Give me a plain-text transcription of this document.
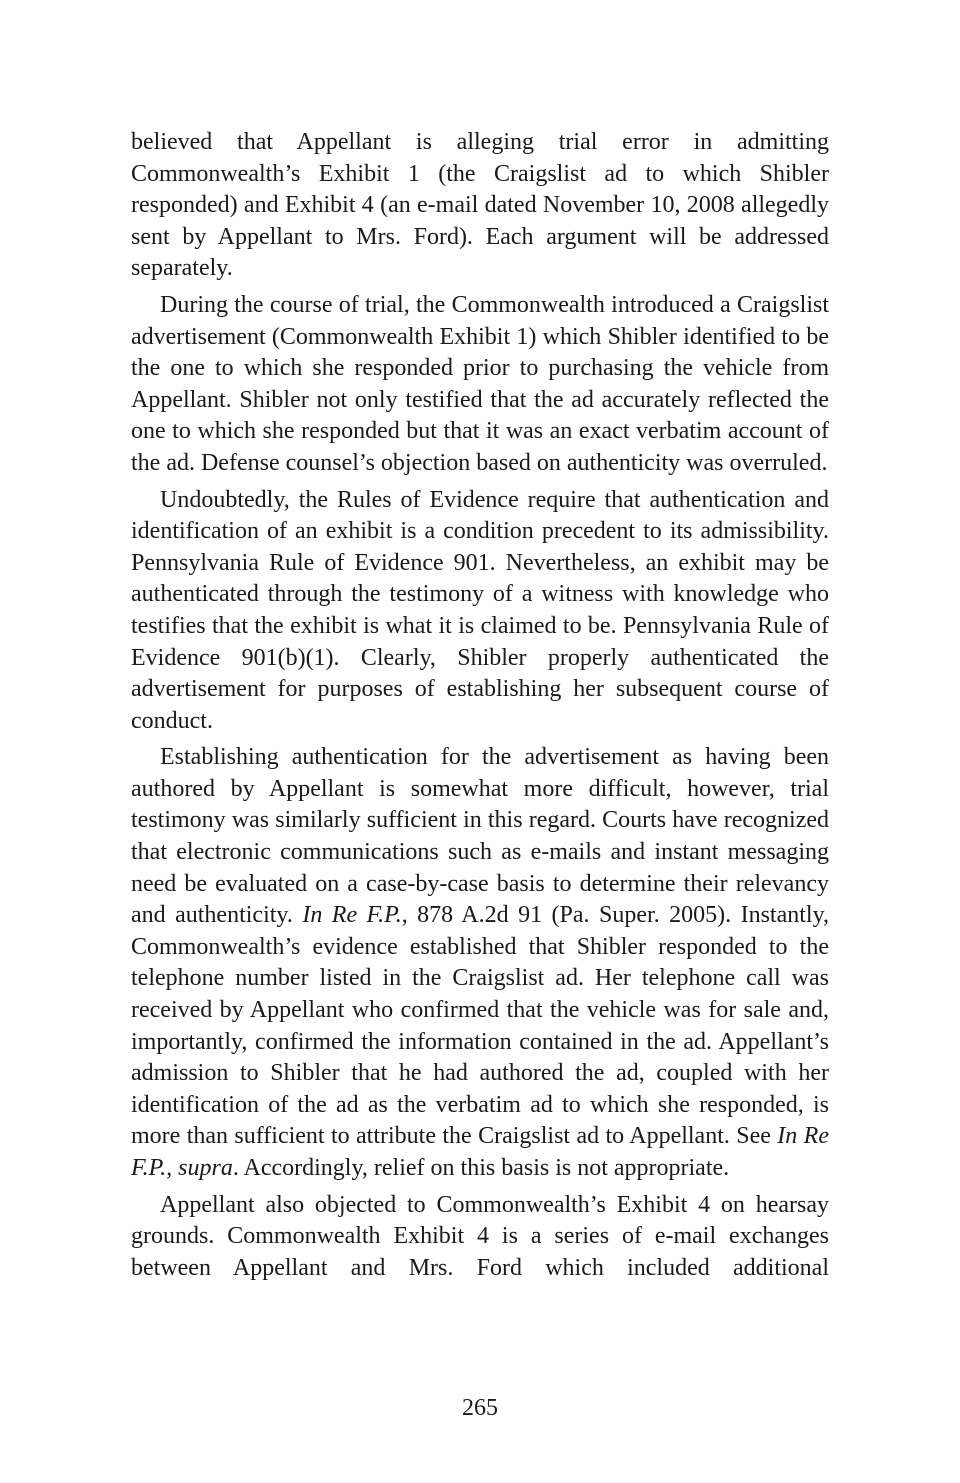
believed that Appellant is alleging trial error in admitting Commonwealth’s Exhibit 1 (the Craigslist ad to which Shibler responded) and Exhibit 4 (an e-mail dated November 10, 2008 allegedly sent by Appellant to Mrs. Ford). Each argument will be addressed separately.

During the course of trial, the Commonwealth introduced a Craigslist advertisement (Commonwealth Exhibit 1) which Shibler identified to be the one to which she responded prior to purchasing the vehicle from Appellant. Shibler not only testified that the ad accurately reflected the one to which she responded but that it was an exact verbatim account of the ad. Defense counsel’s objection based on authenticity was overruled.

Undoubtedly, the Rules of Evidence require that authentication and identification of an exhibit is a condition precedent to its admissibility. Pennsylvania Rule of Evidence 901. Nevertheless, an exhibit may be authenticated through the testimony of a witness with knowledge who testifies that the exhibit is what it is claimed to be. Pennsylvania Rule of Evidence 901(b)(1). Clearly, Shibler properly authenticated the advertisement for purposes of establishing her subsequent course of conduct.

Establishing authentication for the advertisement as having been authored by Appellant is somewhat more difficult, however, trial testimony was similarly sufficient in this regard. Courts have recognized that electronic communications such as e-mails and instant messaging need be evaluated on a case-by-case basis to determine their relevancy and authenticity. In Re F.P., 878 A.2d 91 (Pa. Super. 2005). Instantly, Commonwealth’s evidence established that Shibler responded to the telephone number listed in the Craigslist ad. Her telephone call was received by Appellant who confirmed that the vehicle was for sale and, importantly, confirmed the information contained in the ad. Appellant’s admission to Shibler that he had authored the ad, coupled with her identification of the ad as the verbatim ad to which she responded, is more than sufficient to attribute the Craigslist ad to Appellant. See In Re F.P., supra. Accordingly, relief on this basis is not appropriate.

Appellant also objected to Commonwealth’s Exhibit 4 on hearsay grounds. Commonwealth Exhibit 4 is a series of e-mail exchanges between Appellant and Mrs. Ford which included additional

265
